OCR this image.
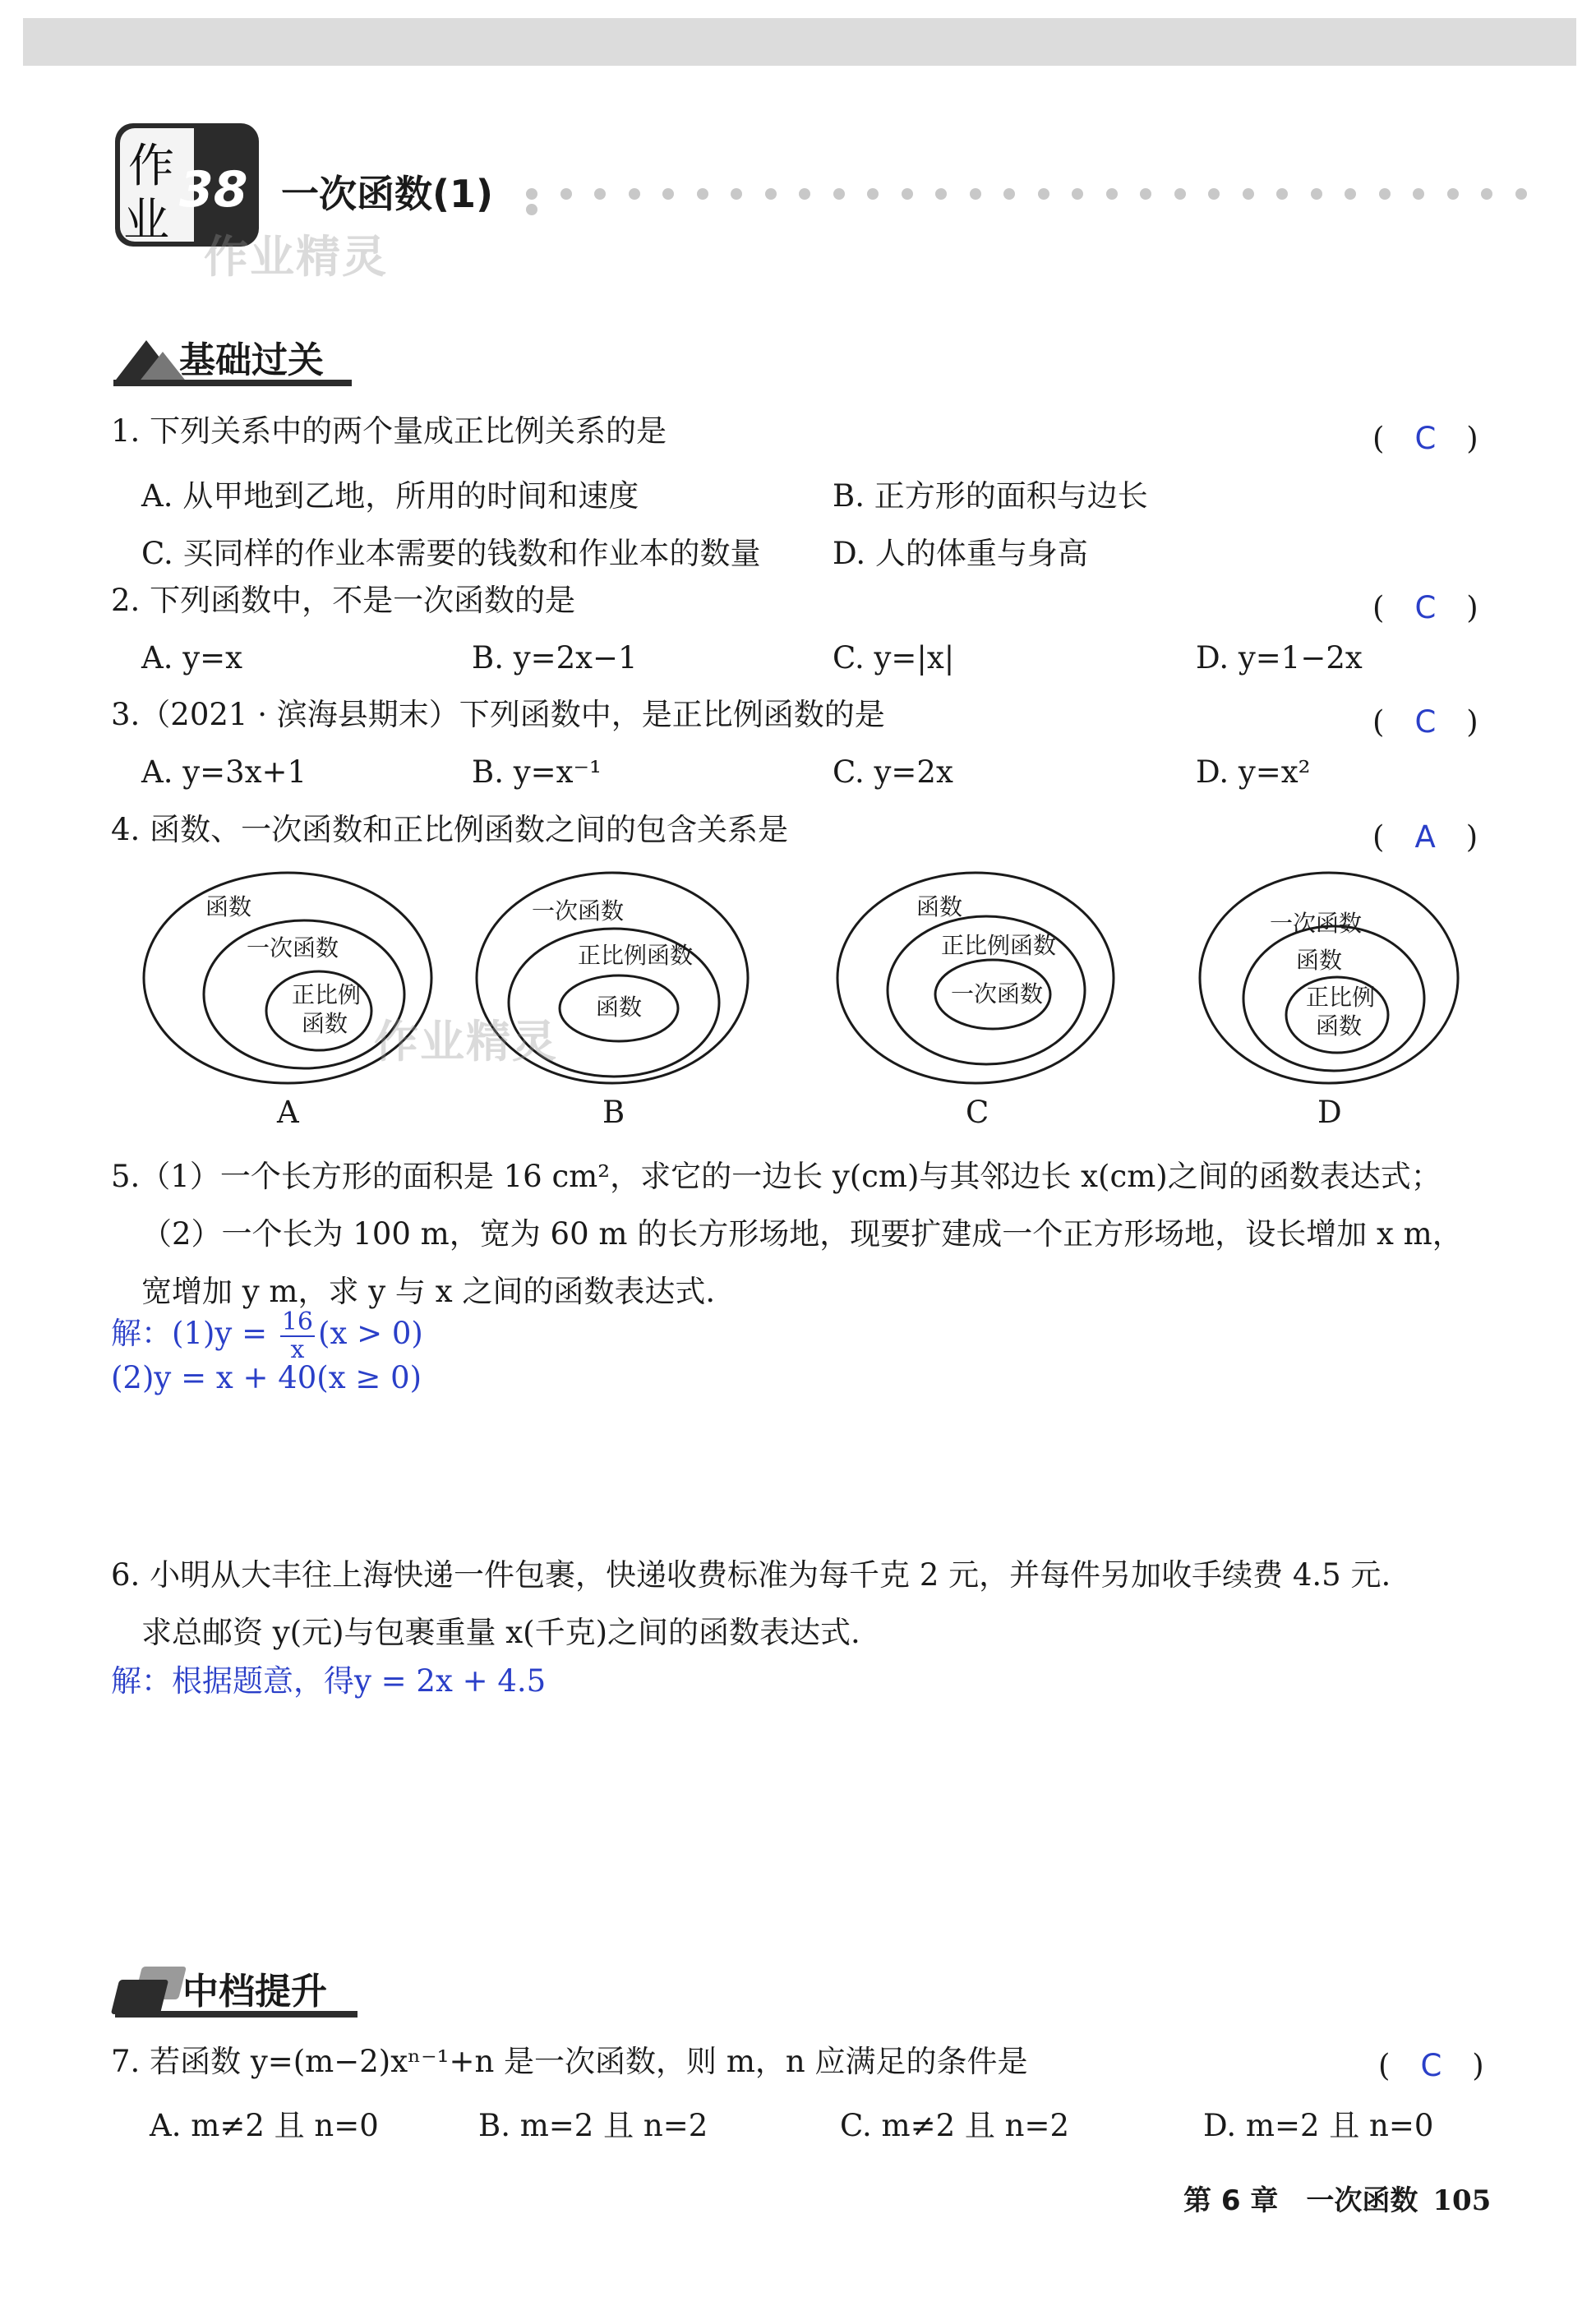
作
业
38 一次函数(1)
作业精灵
基础过关
1. 下列关系中的两个量成正比例关系的是	(　C　)
A. 从甲地到乙地，所用的时间和速度	B. 正方形的面积与边长
C. 买同样的作业本需要的钱数和作业本的数量 D. 人的体重与身高
2. 下列函数中，不是一次函数的是	(　C　)
A. y=x	B. y=2x−1	C. y=|x|	D. y=1−2x
3.（2021 · 滨海县期末）下列函数中，是正比例函数的是	(　C　)
A. y=3x+1	B. y=x⁻¹	C. y=2x	D. y=x²
4. 函数、一次函数和正比例函数之间的包含关系是	(　A　)
函数
一次函数
正比例
函数
一次函数
正比例函数
函数
函数
正比例函数
一次函数
一次函数
函数
正比例
函数
A	B	C	D
作业精灵
5.（1）一个长方形的面积是 16 cm²，求它的一边长 y(cm)与其邻边长 x(cm)之间的函数表达式；
（2）一个长为 100 m，宽为 60 m 的长方形场地，现要扩建成一个正方形场地，设长增加 x m，
宽增加 y m，求 y 与 x 之间的函数表达式.
解：$(1)y = \frac{16}{x} (x > 0)$
(2)y = x + 40(x ≥ 0)
6. 小明从大丰往上海快递一件包裹，快递收费标准为每千克 2 元，并每件另加收手续费 4.5 元.
求总邮资 y(元)与包裹重量 x(千克)之间的函数表达式.
解：根据题意，得y = 2x + 4.5
中档提升
7. 若函数 y=(m−2)xⁿ⁻¹+n 是一次函数，则 m，n 应满足的条件是	(　C　)
A. m≠2 且 n=0	B. m=2 且 n=2	C. m≠2 且 n=2	D. m=2 且 n=0
第 6 章　一次函数 105
